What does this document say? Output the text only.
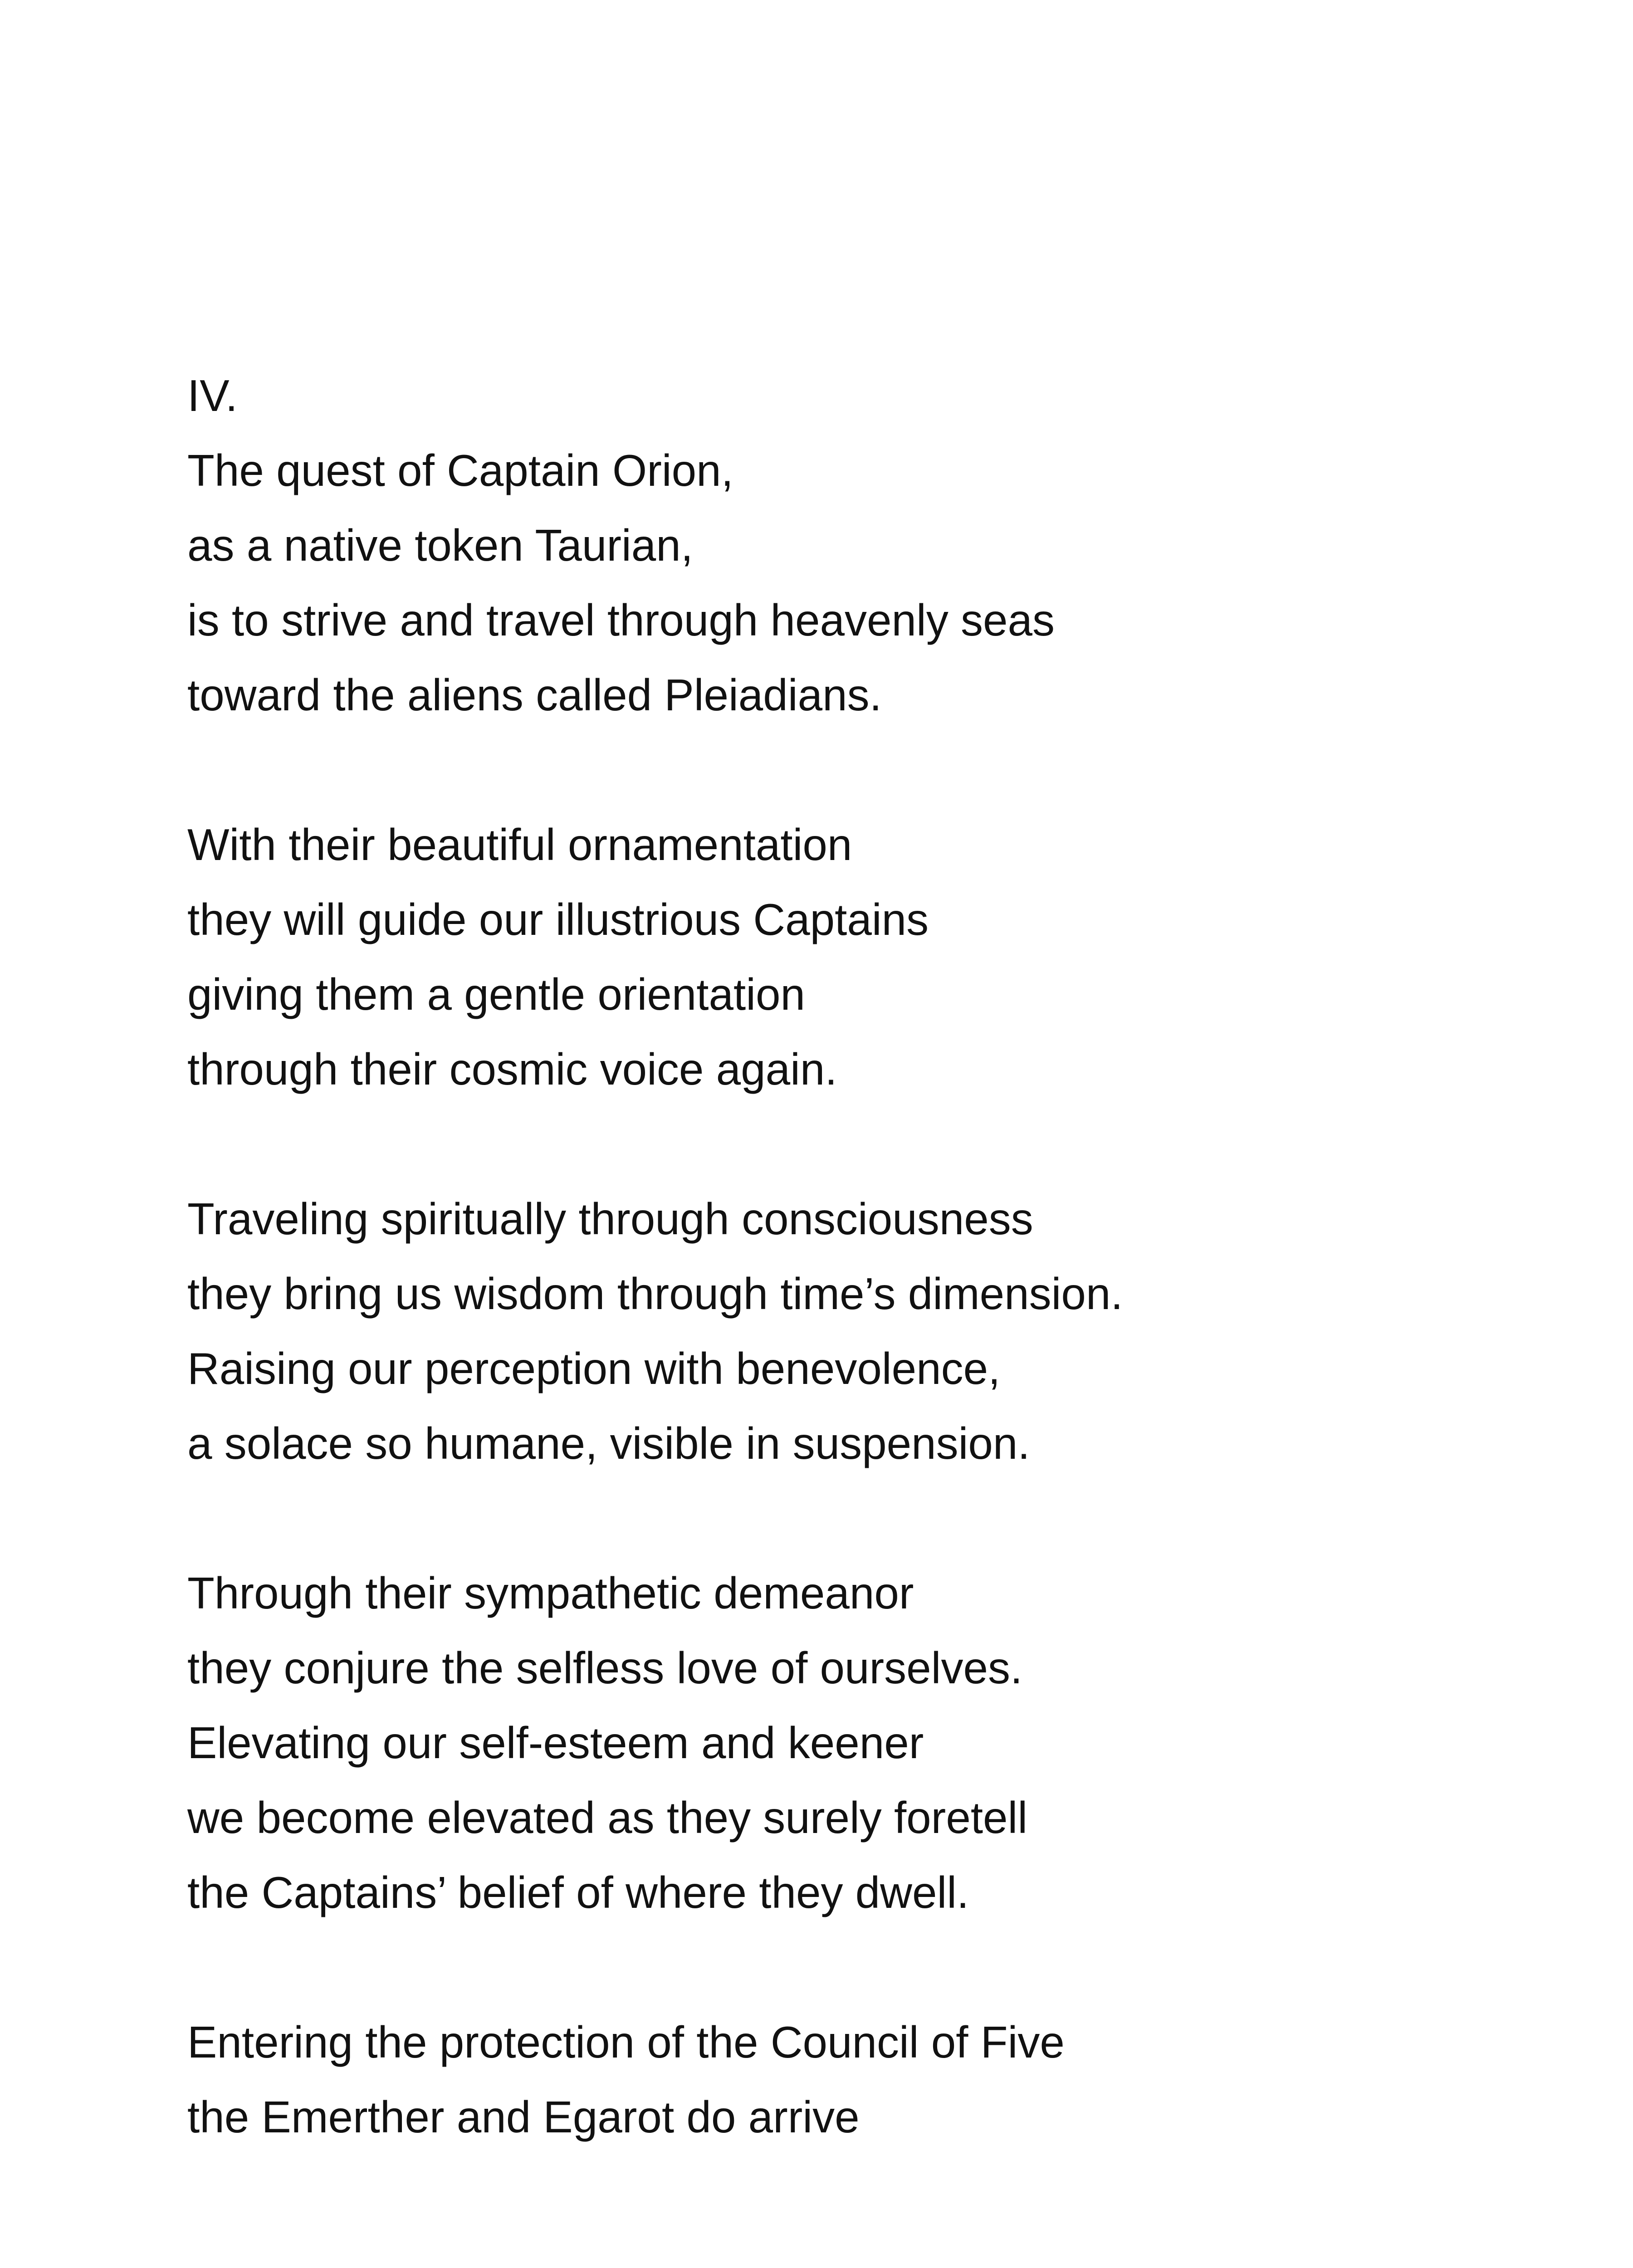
IV.
The quest of Captain Orion,
as a native token Taurian,
is to strive and travel through heavenly seas
toward the aliens called Pleiadians.
With their beautiful ornamentation
they will guide our illustrious Captains
giving them a gentle orientation
through their cosmic voice again.
Traveling spiritually through consciousness
they bring us wisdom through time’s dimension.
Raising our perception with benevolence,
a solace so humane, visible in suspension.
Through their sympathetic demeanor
they conjure the selfless love of ourselves.
Elevating our self-esteem and keener
we become elevated as they surely foretell
the Captains’ belief of where they dwell.
Entering the protection of the Council of Five
the Emerther and Egarot do arrive
